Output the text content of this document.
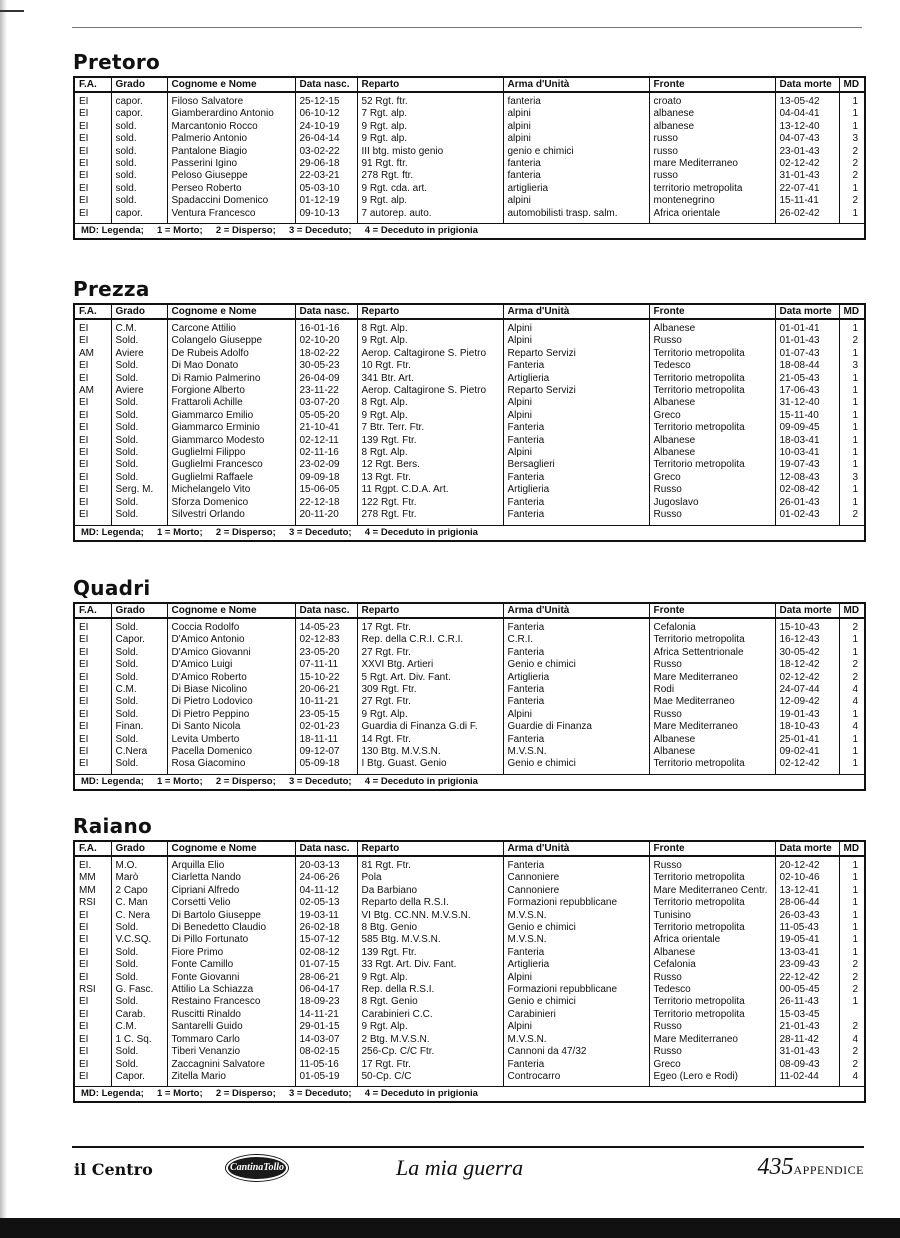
Pretoro
F.A.	Grado	Cognome e Nome	Data nasc.	Reparto	Arma d'Unità	Fronte	Data morte	MD
EI	capor.	Filoso Salvatore	25-12-15	52 Rgt. ftr.	fanteria	croato	13-05-42	1
EI	capor.	Giamberardino Antonio	06-10-12	7 Rgt. alp.	alpini	albanese	04-04-41	1
EI	sold.	Marcantonio Rocco	24-10-19	9 Rgt. alp.	alpini	albanese	13-12-40	1
EI	sold.	Palmerio Antonio	26-04-14	9 Rgt. alp.	alpini	russo	04-07-43	3
EI	sold.	Pantalone Biagio	03-02-22	III btg. misto genio	genio e chimici	russo	23-01-43	2
EI	sold.	Passerini Igino	29-06-18	91 Rgt. ftr.	fanteria	mare Mediterraneo	02-12-42	2
EI	sold.	Peloso Giuseppe	22-03-21	278 Rgt. ftr.	fanteria	russo	31-01-43	2
EI	sold.	Perseo Roberto	05-03-10	9 Rgt. cda. art.	artiglieria	territorio metropolita	22-07-41	1
EI	sold.	Spadaccini Domenico	01-12-19	9 Rgt. alp.	alpini	montenegrino	15-11-41	2
EI	capor.	Ventura Francesco	09-10-13	7 autorep. auto.	automobilisti trasp. salm.	Africa orientale	26-02-42	1
MD: Legenda;     1 = Morto;     2 = Disperso;     3 = Deceduto;     4 = Deceduto in prigionia								
Prezza
F.A.	Grado	Cognome e Nome	Data nasc.	Reparto	Arma d'Unità	Fronte	Data morte	MD
EI	C.M.	Carcone Attilio	16-01-16	8 Rgt. Alp.	Alpini	Albanese	01-01-41	1
EI	Sold.	Colangelo Giuseppe	02-10-20	9 Rgt. Alp.	Alpini	Russo	01-01-43	2
AM	Aviere	De Rubeis Adolfo	18-02-22	Aerop. Caltagirone S. Pietro	Reparto Servizi	Territorio metropolita	01-07-43	1
EI	Sold.	Di Mao Donato	30-05-23	10 Rgt. Ftr.	Fanteria	Tedesco	18-08-44	3
EI	Sold.	Di Ramio Palmerino	26-04-09	341 Btr. Art.	Artiglieria	Territorio metropolita	21-05-43	1
AM	Aviere	Forgione Alberto	23-11-22	Aerop. Caltagirone S. Pietro	Reparto Servizi	Territorio metropolita	17-06-43	1
EI	Sold.	Frattaroli Achille	03-07-20	8 Rgt. Alp.	Alpini	Albanese	31-12-40	1
EI	Sold.	Giammarco Emilio	05-05-20	9 Rgt. Alp.	Alpini	Greco	15-11-40	1
EI	Sold.	Giammarco Erminio	21-10-41	7 Btr. Terr. Ftr.	Fanteria	Territorio metropolita	09-09-45	1
EI	Sold.	Giammarco Modesto	02-12-11	139 Rgt. Ftr.	Fanteria	Albanese	18-03-41	1
EI	Sold.	Guglielmi Filippo	02-11-16	8 Rgt. Alp.	Alpini	Albanese	10-03-41	1
EI	Sold.	Guglielmi Francesco	23-02-09	12 Rgt. Bers.	Bersaglieri	Territorio metropolita	19-07-43	1
EI	Sold.	Guglielmi Raffaele	09-09-18	13 Rgt. Ftr.	Fanteria	Greco	12-08-43	3
EI	Serg. M.	Michelangelo Vito	15-06-05	11 Rgpt. C.D.A. Art.	Artiglieria	Russo	02-08-42	1
EI	Sold.	Sforza Domenico	22-12-18	122 Rgt. Ftr.	Fanteria	Jugoslavo	26-01-43	1
EI	Sold.	Silvestri Orlando	20-11-20	278 Rgt. Ftr.	Fanteria	Russo	01-02-43	2
MD: Legenda;     1 = Morto;     2 = Disperso;     3 = Deceduto;     4 = Deceduto in prigionia								
Quadri
F.A.	Grado	Cognome e Nome	Data nasc.	Reparto	Arma d'Unità	Fronte	Data morte	MD
EI	Sold.	Coccia Rodolfo	14-05-23	17 Rgt. Ftr.	Fanteria	Cefalonia	15-10-43	2
EI	Capor.	D'Amico Antonio	02-12-83	Rep. della C.R.I. C.R.I.	C.R.I.	Territorio metropolita	16-12-43	1
EI	Sold.	D'Amico Giovanni	23-05-20	27 Rgt. Ftr.	Fanteria	Africa Settentrionale	30-05-42	1
EI	Sold.	D'Amico Luigi	07-11-11	XXVI Btg. Artieri	Genio e chimici	Russo	18-12-42	2
EI	Sold.	D'Amico Roberto	15-10-22	5 Rgt. Art. Div. Fant.	Artiglieria	Mare Mediterraneo	02-12-42	2
EI	C.M.	Di Biase Nicolino	20-06-21	309 Rgt. Ftr.	Fanteria	Rodi	24-07-44	4
EI	Sold.	Di Pietro Lodovico	10-11-21	27 Rgt. Ftr.	Fanteria	Mae Mediterraneo	12-09-42	4
EI	Sold.	Di Pietro Peppino	23-05-15	9 Rgt. Alp.	Alpini	Russo	19-01-43	1
EI	Finan.	Di Santo Nicola	02-01-23	Guardia di Finanza G.di F.	Guardie di Finanza	Mare Mediterraneo	18-10-43	4
EI	Sold.	Levita Umberto	18-11-11	14 Rgt. Ftr.	Fanteria	Albanese	25-01-41	1
EI	C.Nera	Pacella Domenico	09-12-07	130 Btg. M.V.S.N.	M.V.S.N.	Albanese	09-02-41	1
EI	Sold.	Rosa Giacomino	05-09-18	I Btg. Guast. Genio	Genio e chimici	Territorio metropolita	02-12-42	1
MD: Legenda;     1 = Morto;     2 = Disperso;     3 = Deceduto;     4 = Deceduto in prigionia								
Raiano
F.A.	Grado	Cognome e Nome	Data nasc.	Reparto	Arma d'Unità	Fronte	Data morte	MD
EI.	M.O.	Arquilla Elio	20-03-13	81 Rgt. Ftr.	Fanteria	Russo	20-12-42	1
MM	Marò	Ciarletta Nando	24-06-26	Pola	Cannoniere	Territorio metropolita	02-10-46	1
MM	2 Capo	Cipriani Alfredo	04-11-12	Da Barbiano	Cannoniere	Mare Mediterraneo Centr.	13-12-41	1
RSI	C. Man	Corsetti Velio	02-05-13	Reparto della R.S.I.	Formazioni repubblicane	Territorio metropolita	28-06-44	1
EI	C. Nera	Di Bartolo Giuseppe	19-03-11	VI Btg. CC.NN. M.V.S.N.	M.V.S.N.	Tunisino	26-03-43	1
EI	Sold.	Di Benedetto Claudio	26-02-18	8 Btg. Genio	Genio e chimici	Territorio metropolita	11-05-43	1
EI	V.C.SQ.	Di Pillo Fortunato	15-07-12	585 Btg. M.V.S.N.	M.V.S.N.	Africa orientale	19-05-41	1
EI	Sold.	Fiore Primo	02-08-12	139 Rgt. Ftr.	Fanteria	Albanese	13-03-41	1
EI	Sold.	Fonte Camillo	01-07-15	33 Rgt. Art. Div. Fant.	Artiglieria	Cefalonia	23-09-43	2
EI	Sold.	Fonte Giovanni	28-06-21	9 Rgt. Alp.	Alpini	Russo	22-12-42	2
RSI	G. Fasc.	Attilio La Schiazza	06-04-17	Rep. della R.S.I.	Formazioni repubblicane	Tedesco	00-05-45	2
EI	Sold.	Restaino Francesco	18-09-23	8 Rgt. Genio	Genio e chimici	Territorio metropolita	26-11-43	1
EI	Carab.	Ruscitti Rinaldo	14-11-21	Carabinieri C.C.	Carabinieri	Territorio metropolita	15-03-45	
EI	C.M.	Santarelli Guido	29-01-15	9 Rgt. Alp.	Alpini	Russo	21-01-43	2
EI	1 C. Sq.	Tommaro Carlo	14-03-07	2 Btg. M.V.S.N.	M.V.S.N.	Mare Mediterraneo	28-11-42	4
EI	Sold.	Tiberi Venanzio	08-02-15	256-Cp. C/C Ftr.	Cannoni da 47/32	Russo	31-01-43	2
EI	Sold.	Zaccagnini Salvatore	11-05-16	17 Rgt. Ftr.	Fanteria	Greco	08-09-43	2
EI	Capor.	Zitella Mario	01-05-19	50-Cp. C/C	Controcarro	Egeo (Lero e Rodi)	11-02-44	4
MD: Legenda;     1 = Morto;     2 = Disperso;     3 = Deceduto;     4 = Deceduto in prigionia								
il Centro	CantinaTollo	La mia guerra	435APPENDICE
